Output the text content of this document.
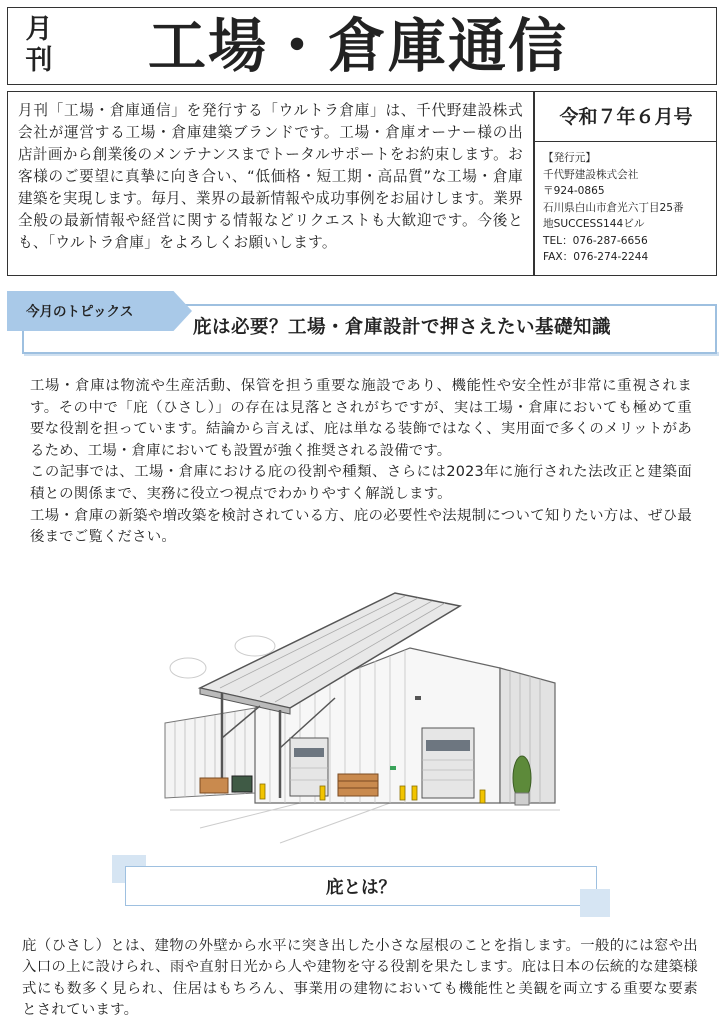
月
刊 工場・倉庫通信
月刊「工場・倉庫通信」を発行する「ウルトラ倉庫」は、千代野建設株式会社が運営する工場・倉庫建築ブランドです。工場・倉庫オーナー様の出店計画から創業後のメンテナンスまでトータルサポートをお約束します。お客様のご要望に真摯に向き合い、“低価格・短工期・高品質”な工場・倉庫建築を実現します。毎月、業界の最新情報や成功事例をお届けします。業界全般の最新情報や経営に関する情報などリクエストも大歓迎です。今後とも、「ウルトラ倉庫」をよろしくお願いします。
令和７年６月号
【発行元】
千代野建設株式会社
〒924-0865
石川県白山市倉光六丁目25番
地SUCCESS144ビル
TEL：076-287-6656
FAX：076-274-2244
今月のトピックス
庇は必要？工場・倉庫設計で押さえたい基礎知識

工場・倉庫は物流や生産活動、保管を担う重要な施設であり、機能性や安全性が非常に重視されます。その中で「庇（ひさし）」の存在は見落とされがちですが、実は工場・倉庫においても極めて重要な役割を担っています。結論から言えば、庇は単なる装飾ではなく、実用面で多くのメリットがあるため、工場・倉庫においても設置が強く推奨される設備です。

この記事では、工場・倉庫における庇の役割や種類、さらには2023年に施行された法改正と建築面積との関係まで、実務に役立つ視点でわかりやすく解説します。

工場・倉庫の新築や増改築を検討されている方、庇の必要性や法規制について知りたい方は、ぜひ最後までご覧ください。

庇とは？
庇（ひさし）とは、建物の外壁から水平に突き出した小さな屋根のことを指します。一般的には窓や出入口の上に設けられ、雨や直射日光から人や建物を守る役割を果たします。庇は日本の伝統的な建築様式にも数多く見られ、住居はもちろん、事業用の建物においても機能性と美観を両立する重要な要素とされています。
